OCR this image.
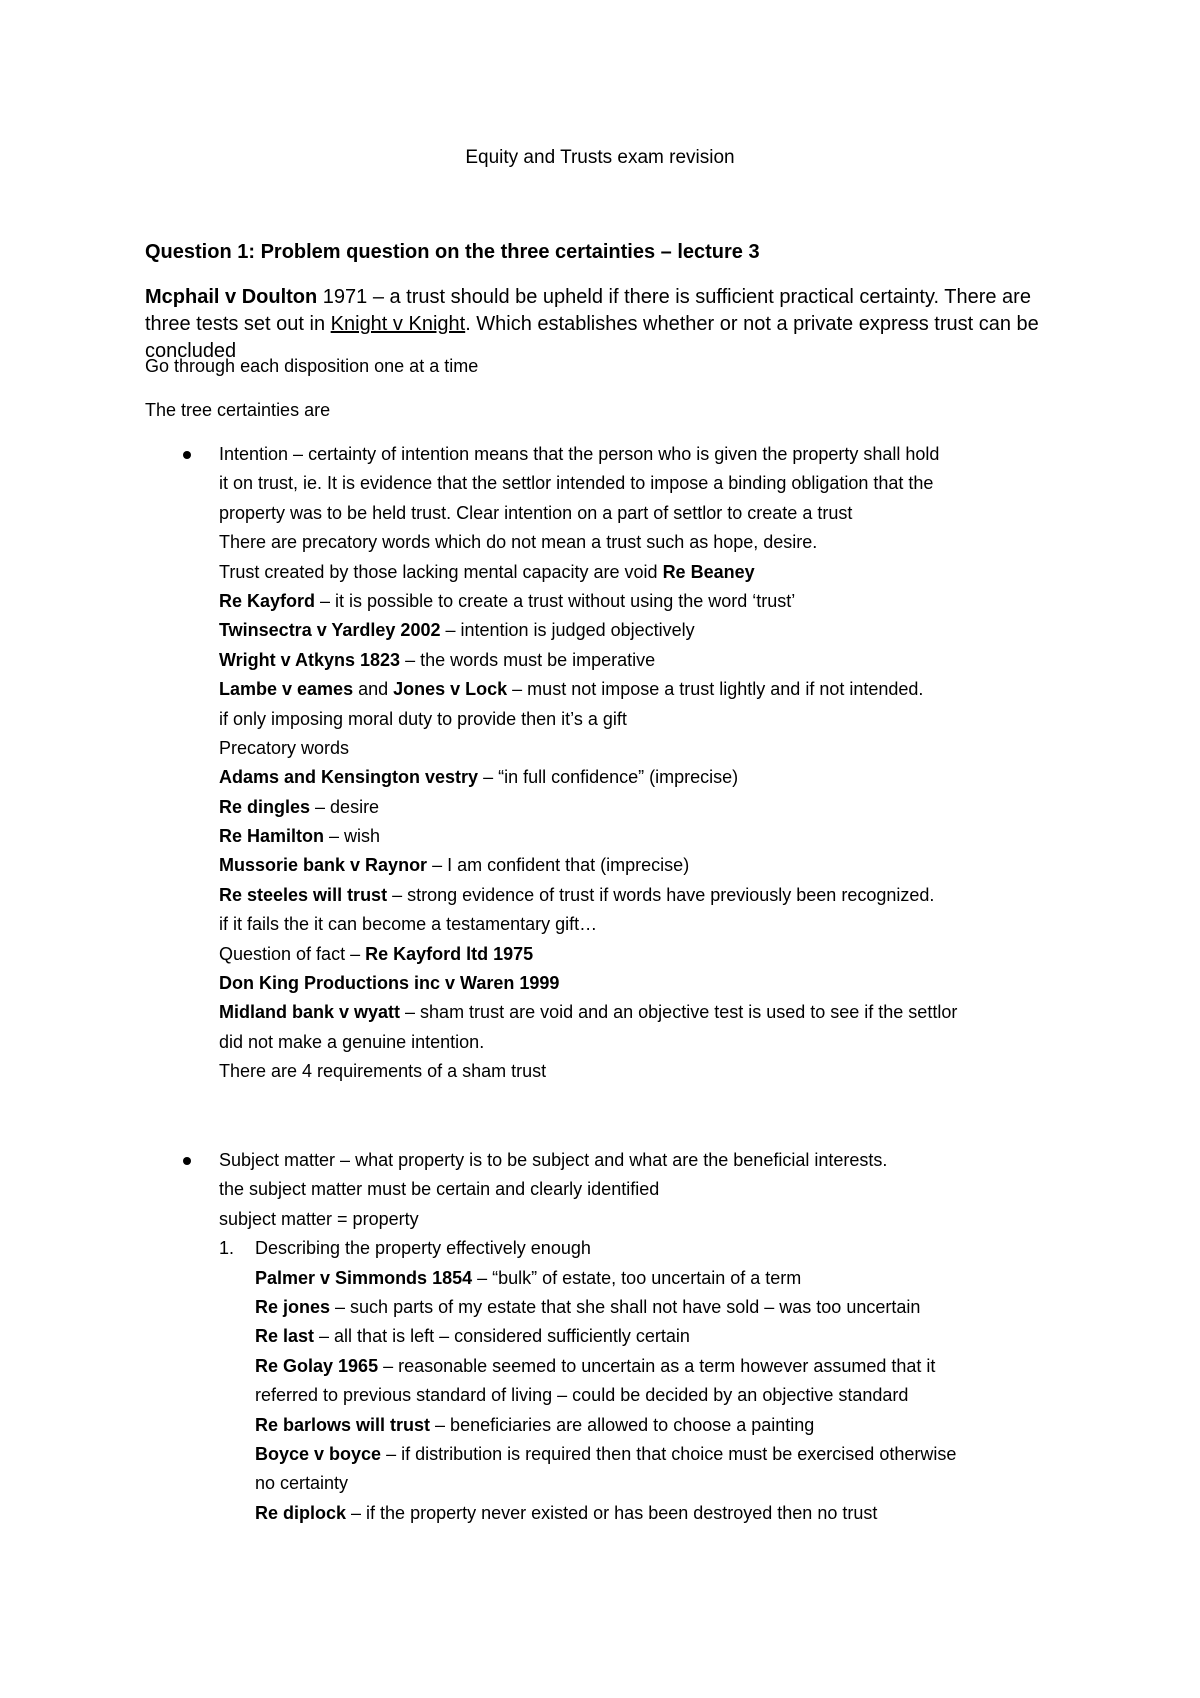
Equity and Trusts exam revision
Question 1: Problem question on the three certainties – lecture 3
Mcphail v Doulton 1971 – a trust should be upheld if there is sufficient practical certainty. There are three tests set out in Knight v Knight. Which establishes whether or not a private express trust can be concluded
Go through each disposition one at a time
The tree certainties are
Intention – certainty of intention means that the person who is given the property shall hold
it on trust, ie. It is evidence that the settlor intended to impose a binding obligation that the
property was to be held trust. Clear intention on a part of settlor to create a trust
There are precatory words which do not mean a trust such as hope, desire.
Trust created by those lacking mental capacity are void Re Beaney
Re Kayford – it is possible to create a trust without using the word ‘trust’
Twinsectra v Yardley 2002 – intention is judged objectively
Wright v Atkyns 1823 – the words must be imperative
Lambe v eames and Jones v Lock – must not impose a trust lightly and if not intended.
if only imposing moral duty to provide then it’s a gift
Precatory words
Adams and Kensington vestry – “in full confidence” (imprecise)
Re dingles – desire
Re Hamilton – wish
Mussorie bank v Raynor – I am confident that (imprecise)
Re steeles will trust – strong evidence of trust if words have previously been recognized.
if it fails the it can become a testamentary gift…
Question of fact – Re Kayford ltd 1975
Don King Productions inc v Waren 1999
Midland bank v wyatt – sham trust are void and an objective test is used to see if the settlor
did not make a genuine intention.
There are 4 requirements of a sham trust
Subject matter – what property is to be subject and what are the beneficial interests.
the subject matter must be certain and clearly identified
subject matter = property
1. Describing the property effectively enough
Palmer v Simmonds 1854 – “bulk” of estate, too uncertain of a term
Re jones – such parts of my estate that she shall not have sold – was too uncertain
Re last – all that is left – considered sufficiently certain
Re Golay 1965 – reasonable seemed to uncertain as a term however assumed that it
referred to previous standard of living – could be decided by an objective standard
Re barlows will trust – beneficiaries are allowed to choose a painting
Boyce v boyce – if distribution is required then that choice must be exercised otherwise
no certainty
Re diplock – if the property never existed or has been destroyed then no trust
